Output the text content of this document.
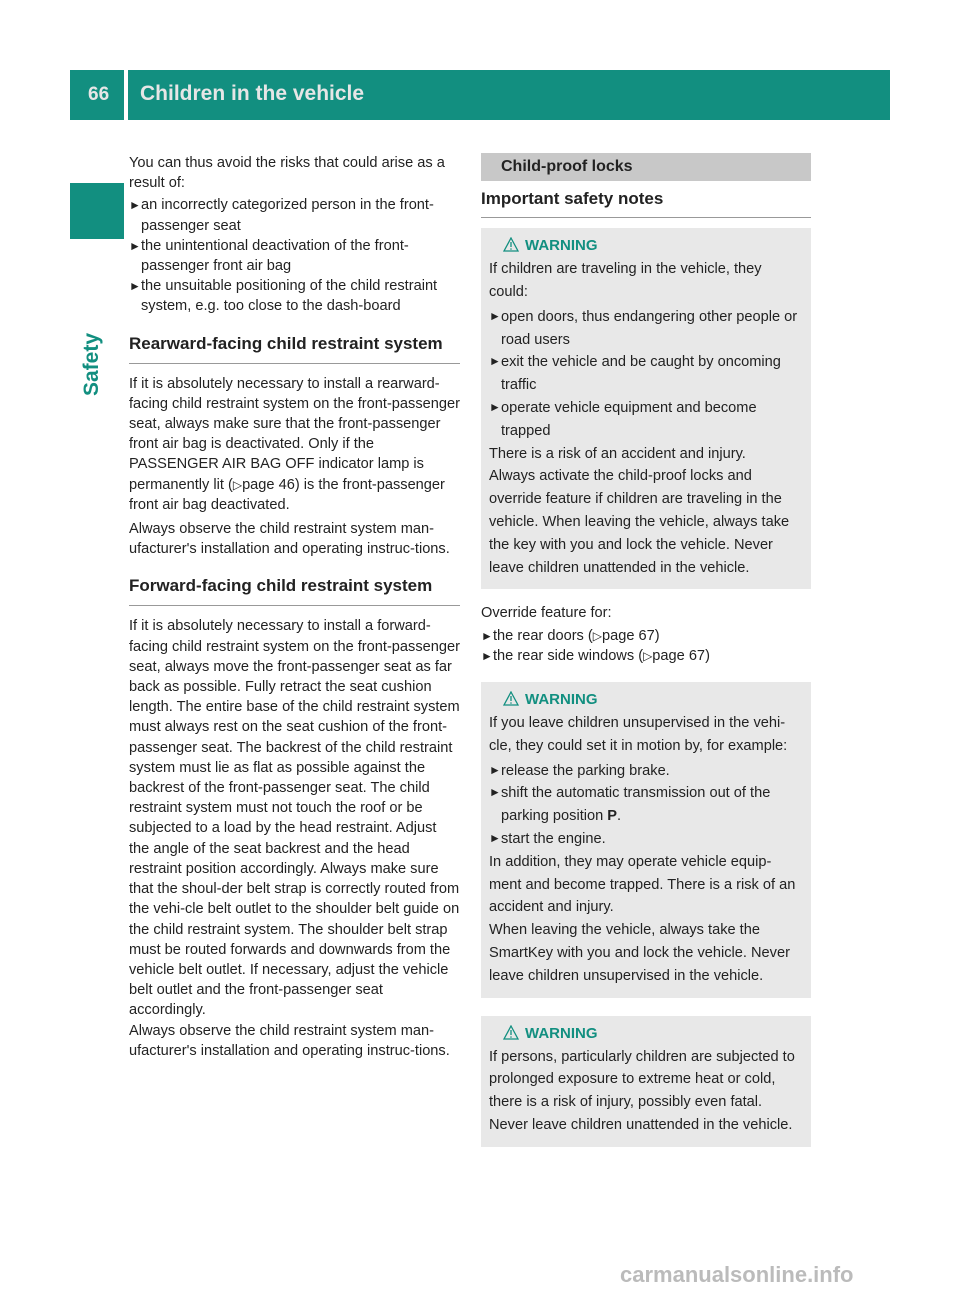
66 Children in the vehicle
Safety

You can thus avoid the risks that could arise as a result of:

► an incorrectly categorized person in the front-passenger seat
► the unintentional deactivation of the front-passenger front air bag
► the unsuitable positioning of the child restraint system, e.g. too close to the dash-board
Rearward-facing child restraint system

If it is absolutely necessary to install a rearward-facing child restraint system on the front-passenger seat, always make sure that the front-passenger front air bag is deactivated. Only if the PASSENGER AIR BAG OFF indicator lamp is permanently lit (▷page 46) is the front-passenger front air bag deactivated.

Always observe the child restraint system man-ufacturer's installation and operating instruc-tions.

Forward-facing child restraint system

If it is absolutely necessary to install a forward-facing child restraint system on the front-passenger seat, always move the front-passenger seat as far back as possible. Fully retract the seat cushion length. The entire base of the child restraint system must always rest on the seat cushion of the front-passenger seat. The backrest of the child restraint system must lie as flat as possible against the backrest of the front-passenger seat. The child restraint system must not touch the roof or be subjected to a load by the head restraint. Adjust the angle of the seat backrest and the head restraint position accordingly. Always make sure that the shoul-der belt strap is correctly routed from the vehi-cle belt outlet to the shoulder belt guide on the child restraint system. The shoulder belt strap must be routed forwards and downwards from the vehicle belt outlet. If necessary, adjust the vehicle belt outlet and the front-passenger seat accordingly.

Always observe the child restraint system man-ufacturer's installation and operating instruc-tions.

Child-proof locks
Important safety notes
WARNING

If children are traveling in the vehicle, they could:

► open doors, thus endangering other people or road users
► exit the vehicle and be caught by oncoming traffic
► operate vehicle equipment and become trapped

There is a risk of an accident and injury.

Always activate the child-proof locks and override feature if children are traveling in the vehicle. When leaving the vehicle, always take the key with you and lock the vehicle. Never leave children unattended in the vehicle.

Override feature for:

► the rear doors (▷page 67)
► the rear side windows (▷page 67)
WARNING

If you leave children unsupervised in the vehi-cle, they could set it in motion by, for example:

► release the parking brake.
► shift the automatic transmission out of the parking position P.
► start the engine.

In addition, they may operate vehicle equip-ment and become trapped. There is a risk of an accident and injury.

When leaving the vehicle, always take the SmartKey with you and lock the vehicle. Never leave children unsupervised in the vehicle.

WARNING

If persons, particularly children are subjected to prolonged exposure to extreme heat or cold, there is a risk of injury, possibly even fatal. Never leave children unattended in the vehicle.

carmanualsonline.info
